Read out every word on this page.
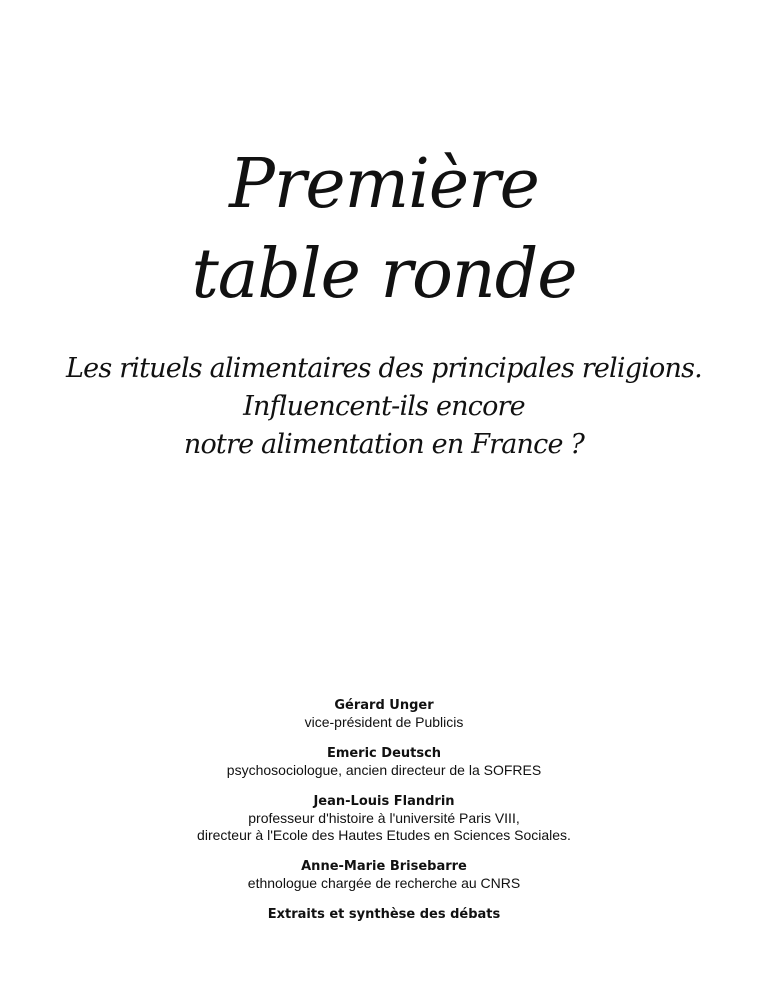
Première
table ronde
Les rituels alimentaires des principales religions.
Influencent-ils encore
notre alimentation en France ?
Gérard Unger
vice-président de Publicis
Emeric Deutsch
psychosociologue, ancien directeur de la SOFRES
Jean-Louis Flandrin
professeur d'histoire à l'université Paris VIII,
directeur à l'Ecole des Hautes Etudes en Sciences Sociales.
Anne-Marie Brisebarre
ethnologue chargée de recherche au CNRS
Extraits et synthèse des débats
